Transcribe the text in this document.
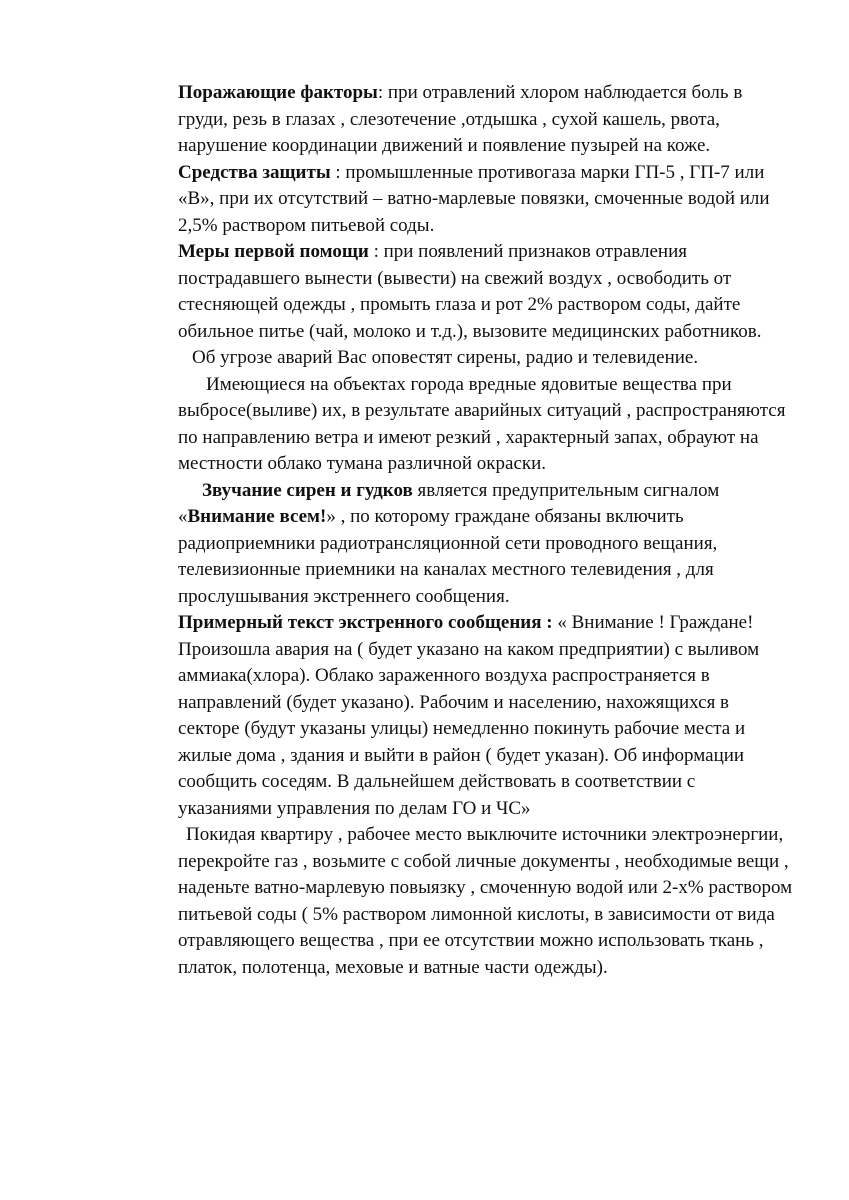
Поражающие факторы: при отравлений хлором наблюдается боль в груди, резь в глазах , слезотечение ,отдышка , сухой кашель, рвота, нарушение координации движений и появление пузырей на коже.

Средства защиты : промышленные противогаза марки ГП-5 , ГП-7 или «В», при их отсутствий – ватно-марлевые повязки, смоченные водой или 2,5% раствором питьевой соды.

Меры первой помощи : при появлений признаков отравления пострадавшего вынести (вывести) на свежий воздух , освободить от стесняющей одежды , промыть глаза и рот 2% раствором соды, дайте обильное питье (чай, молоко и т.д.), вызовите медицинских работников.

Об угрозе аварий Вас оповестят сирены, радио и телевидение.

Имеющиеся на объектах города вредные ядовитые вещества при выбросе(выливе) их, в результате аварийных ситуаций , распространяются по направлению ветра и имеют резкий , характерный запах, обрауют на местности облако тумана различной окраски.

Звучание сирен и гудков является предупрительным сигналом «Внимание всем!» , по которому граждане обязаны включить радиоприемники радиотрансляционной сети проводного вещания, телевизионные приемники на каналах местного телевидения , для прослушывания экстреннего сообщения.

Примерный текст экстренного сообщения : « Внимание ! Граждане! Произошла авария на ( будет указано на каком предприятии) с выливом аммиака(хлора). Облако зараженного воздуха распространяется в направлений (будет указано). Рабочим и населению, нахожящихся в секторе (будут указаны улицы) немедленно покинуть рабочие места и жилые дома , здания и выйти в район ( будет указан). Об информации сообщить соседям. В дальнейшем действовать в соответствии с указаниями управления по делам ГО и ЧС»

Покидая квартиру , рабочее место выключите источники электроэнергии, перекройте газ , возьмите с собой личные документы , необходимые вещи , наденьте ватно-марлевую повыязку , смоченную водой или 2-х% раствором питьевой соды ( 5% раствором лимонной кислоты, в зависимости от вида отравляющего вещества , при ее отсутствии можно использовать ткань , платок, полотенца, меховые и ватные части одежды).
